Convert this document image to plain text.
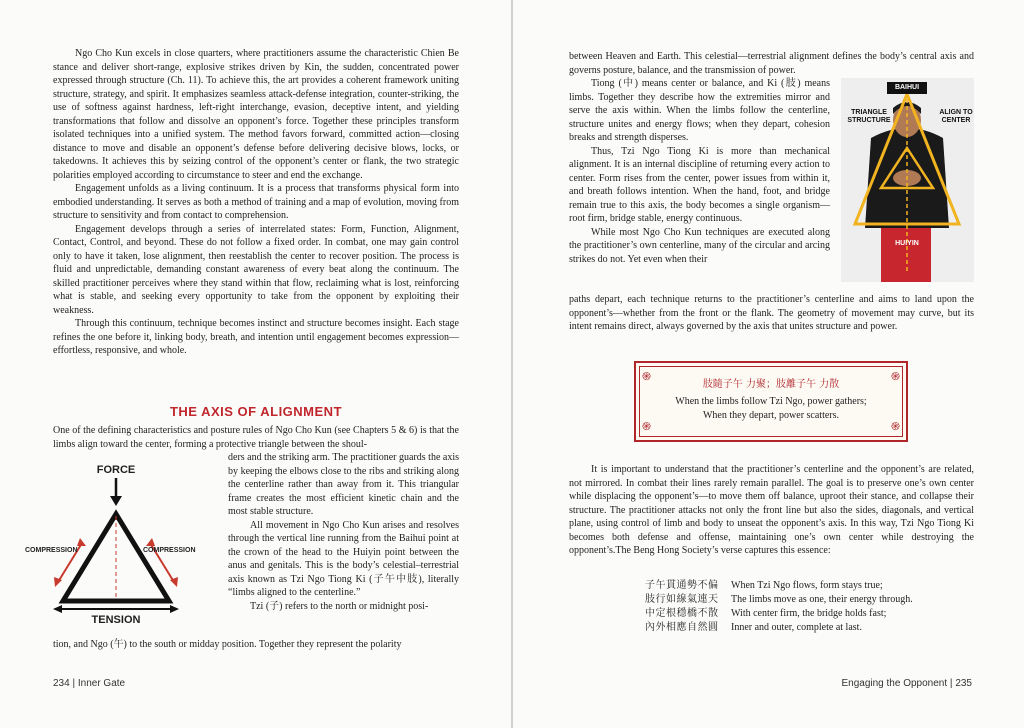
Ngo Cho Kun excels in close quarters, where practitioners assume the characteristic Chien Be stance and deliver short-range, explosive strikes driven by Kin, the sudden, concentrated power expressed through structure (Ch. 11). To achieve this, the art provides a coherent framework uniting structure, strategy, and spirit. It emphasizes seamless attack-defense integration, counter-striking, the use of softness against hardness, left-right interchange, evasion, deceptive intent, and yielding transformations that follow and dissolve an opponent’s force. Together these principles transform isolated techniques into a unified system. The method favors forward, committed action—closing distance to move and disable an opponent’s defense before delivering decisive blows, locks, or takedowns. It achieves this by seizing control of the opponent’s center or flank, the two strategic polarities employed according to circumstance to steer and end the exchange.

Engagement unfolds as a living continuum. It is a process that transforms physical form into embodied understanding. It serves as both a method of training and a map of evolution, moving from structure to sensitivity and from contact to comprehension.

Engagement develops through a series of interrelated states: Form, Function, Alignment, Contact, Control, and beyond. These do not follow a fixed order. In combat, one may gain control only to have it taken, lose alignment, then reestablish the center to recover position. The process is fluid and unpredictable, demanding constant awareness of every beat along the continuum. The skilled practitioner perceives where they stand within that flow, reclaiming what is lost, reinforcing what is stable, and seeking every opportunity to take from the opponent by exploiting their weakness.

Through this continuum, technique becomes instinct and structure becomes insight. Each stage refines the one before it, linking body, breath, and intention until engagement becomes expression—effortless, responsive, and whole.

THE AXIS OF ALIGNMENT

One of the defining characteristics and posture rules of Ngo Cho Kun (see Chapters 5 & 6) is that the limbs align toward the center, forming a protective triangle between the shoul-

FORCE
COMPRESSION	COMPRESSION
TENSION

ders and the striking arm. The practitioner guards the axis by keeping the elbows close to the ribs and striking along the centerline rather than away from it. This triangular frame creates the most efficient kinetic chain and the most stable structure.

All movement in Ngo Cho Kun arises and resolves through the vertical line running from the Baihui point at the crown of the head to the Huiyin point between the anus and genitals. This is the body’s celestial–terrestrial axis known as Tzi Ngo Tiong Ki (子午中肢), literally “limbs aligned to the centerline.”

Tzi (子) refers to the north or midnight posi-

tion, and Ngo (午) to the south or midday position. Together they represent the polarity

234 | Inner Gate

between Heaven and Earth. This celestial—terrestrial alignment defines the body’s central axis and governs posture, balance, and the transmission of power.

Tiong (中) means center or balance, and Ki (肢) means limbs. Together they describe how the extremities mirror and serve the axis within. When the limbs follow the centerline, structure unites and energy flows; when they depart, cohesion breaks and strength disperses.

Thus, Tzi Ngo Tiong Ki is more than mechanical alignment. It is an internal discipline of returning every action to center. Form rises from the center, power issues from within it, and breath follows intention. When the hand, foot, and bridge remain true to this axis, the body becomes a single organism—root firm, bridge stable, energy continuous.

While most Ngo Cho Kun techniques are executed along the practitioner’s own centerline, many of the circular and arcing strikes do not. Yet even when their

BAIHUI
TRIANGLE STRUCTURE
ALIGN TO CENTER
HUIYIN

paths depart, each technique returns to the practitioner’s centerline and aims to land upon the opponent’s—whether from the front or the flank. The geometry of movement may curve, but its intent remains direct, always governed by the axis that unites structure and power.

֍	֍
֍	֍
肢隨子午 力聚；肢離子午 力散
When the limbs follow Tzi Ngo, power gathers;
When they depart, power scatters.

It is important to understand that the practitioner’s centerline and the opponent’s are related, not mirrored. In combat their lines rarely remain parallel. The goal is to preserve one’s own center while displacing the opponent’s—to move them off balance, uproot their stance, and collapse their structure. The practitioner attacks not only the front line but also the sides, diagonals, and vertical plane, using control of limb and body to unseat the opponent’s axis. In this way, Tzi Ngo Tiong Ki becomes both defense and offense, maintaining one’s own center while destroying the opponent’s.The Beng Hong Society’s verse captures this essence:

子午貫通勢不偏	When Tzi Ngo flows, form stays true;
肢行如線氣連天	The limbs move as one, their energy through.
中定根穩橋不散	With center firm, the bridge holds fast;
內外相應自然圓	Inner and outer, complete at last.
Engaging the Opponent | 235
